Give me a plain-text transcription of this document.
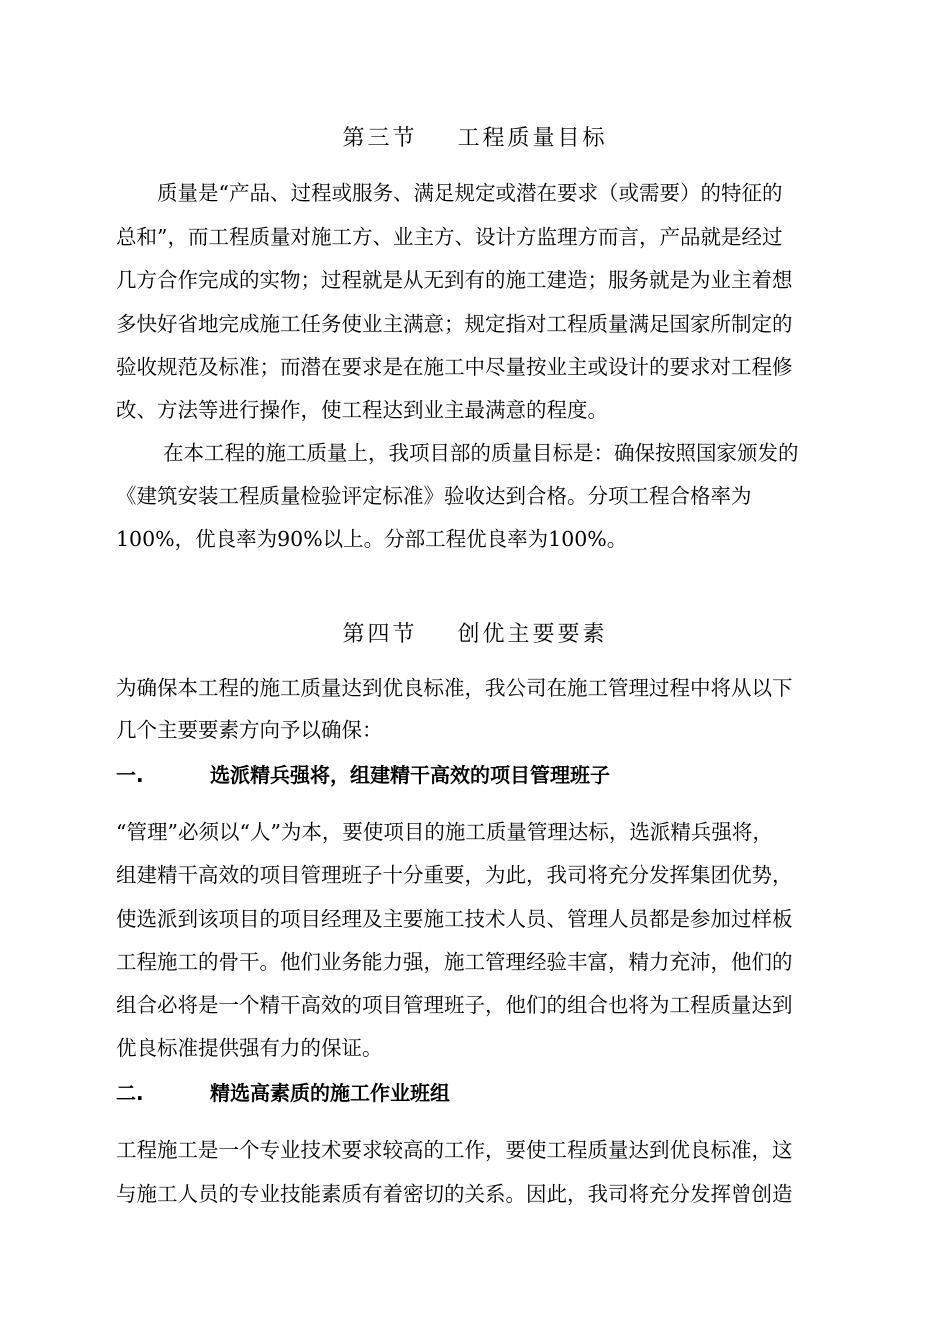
第三节    工程质量目标
质量是“产品、过程或服务、满足规定或潜在要求（或需要）的特征的
总和”，而工程质量对施工方、业主方、设计方监理方而言，产品就是经过
几方合作完成的实物；过程就是从无到有的施工建造；服务就是为业主着想
多快好省地完成施工任务使业主满意；规定指对工程质量满足国家所制定的
验收规范及标准；而潜在要求是在施工中尽量按业主或设计的要求对工程修
改、方法等进行操作，使工程达到业主最满意的程度。
在本工程的施工质量上，我项目部的质量目标是：确保按照国家颁发的
《建筑安装工程质量检验评定标准》验收达到合格。分项工程合格率为
100%，优良率为90%以上。分部工程优良率为100%。
第四节    创优主要要素
为确保本工程的施工质量达到优良标准，我公司在施工管理过程中将从以下
几个主要要素方向予以确保：
一.	选派精兵强将，组建精干高效的项目管理班子
“管理”必须以“人”为本，要使项目的施工质量管理达标，选派精兵强将，
组建精干高效的项目管理班子十分重要，为此，我司将充分发挥集团优势，
使选派到该项目的项目经理及主要施工技术人员、管理人员都是参加过样板
工程施工的骨干。他们业务能力强，施工管理经验丰富，精力充沛，他们的
组合必将是一个精干高效的项目管理班子，他们的组合也将为工程质量达到
优良标准提供强有力的保证。
二.	精选高素质的施工作业班组
工程施工是一个专业技术要求较高的工作，要使工程质量达到优良标准，这
与施工人员的专业技能素质有着密切的关系。因此，我司将充分发挥曾创造
